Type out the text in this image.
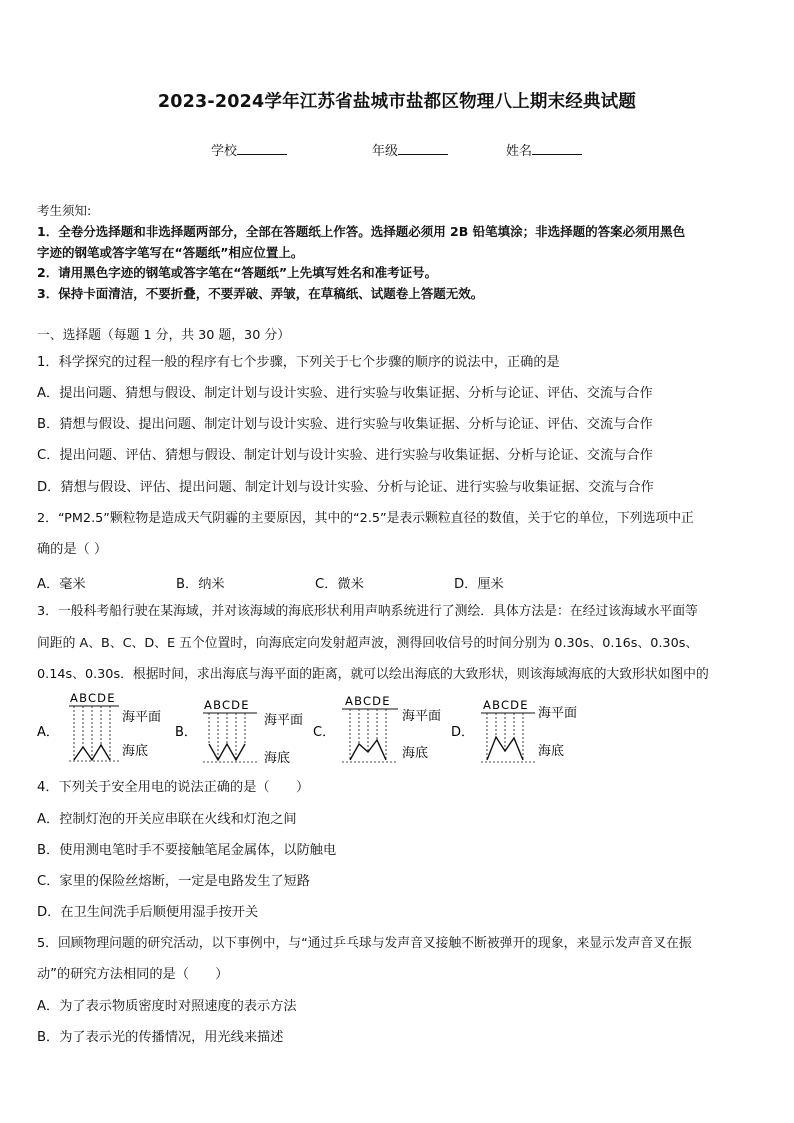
2023-2024学年江苏省盐城市盐都区物理八上期末经典试题
学校	年级	姓名
考生须知:
1．全卷分选择题和非选择题两部分，全部在答题纸上作答。选择题必须用 2B 铅笔填涂；非选择题的答案必须用黑色
字迹的钢笔或答字笔写在“答题纸”相应位置上。
2．请用黑色字迹的钢笔或答字笔在“答题纸”上先填写姓名和准考证号。
3．保持卡面清洁，不要折叠，不要弄破、弄皱，在草稿纸、试题卷上答题无效。
一、选择题（每题 1 分，共 30 题，30 分）
1．科学探究的过程一般的程序有七个步骤，下列关于七个步骤的顺序的说法中，正确的是
A．提出问题、猜想与假设、制定计划与设计实验、进行实验与收集证据、分析与论证、评估、交流与合作
B．猜想与假设、提出问题、制定计划与设计实验、进行实验与收集证据、分析与论证、评估、交流与合作
C．提出问题、评估、猜想与假设、制定计划与设计实验、进行实验与收集证据、分析与论证、交流与合作
D．猜想与假设、评估、提出问题、制定计划与设计实验、分析与论证、进行实验与收集证据、交流与合作
2．“PM2.5”颗粒物是造成天气阴霾的主要原因，其中的“2.5”是表示颗粒直径的数值，关于它的单位，下列选项中正
确的是（ ）
A．毫米	B．纳米	C．微米	D．厘米
3．一般科考船行驶在某海域，并对该海域的海底形状利用声呐系统进行了测绘．具体方法是：在经过该海域水平面等
间距的 A、B、C、D、E 五个位置时，向海底定向发射超声波，测得回收信号的时间分别为 0.30s、0.16s、0.30s、
0.14s、0.30s．根据时间，求出海底与海平面的距离，就可以绘出海底的大致形状，则该海域海底的大致形状如图中的
A．
ABCDE
海平面
海底
B．
ABCDE
海平面
海底
C．
ABCDE
海平面
海底
D．
ABCDE
海平面
海底
4．下列关于安全用电的说法正确的是（　　）
A．控制灯泡的开关应串联在火线和灯泡之间
B．使用测电笔时手不要接触笔尾金属体，以防触电
C．家里的保险丝熔断，一定是电路发生了短路
D．在卫生间洗手后顺便用湿手按开关
5．回顾物理问题的研究活动，以下事例中，与“通过乒乓球与发声音叉接触不断被弹开的现象，来显示发声音叉在振
动”的研究方法相同的是（　　）
A．为了表示物质密度时对照速度的表示方法
B．为了表示光的传播情况，用光线来描述
